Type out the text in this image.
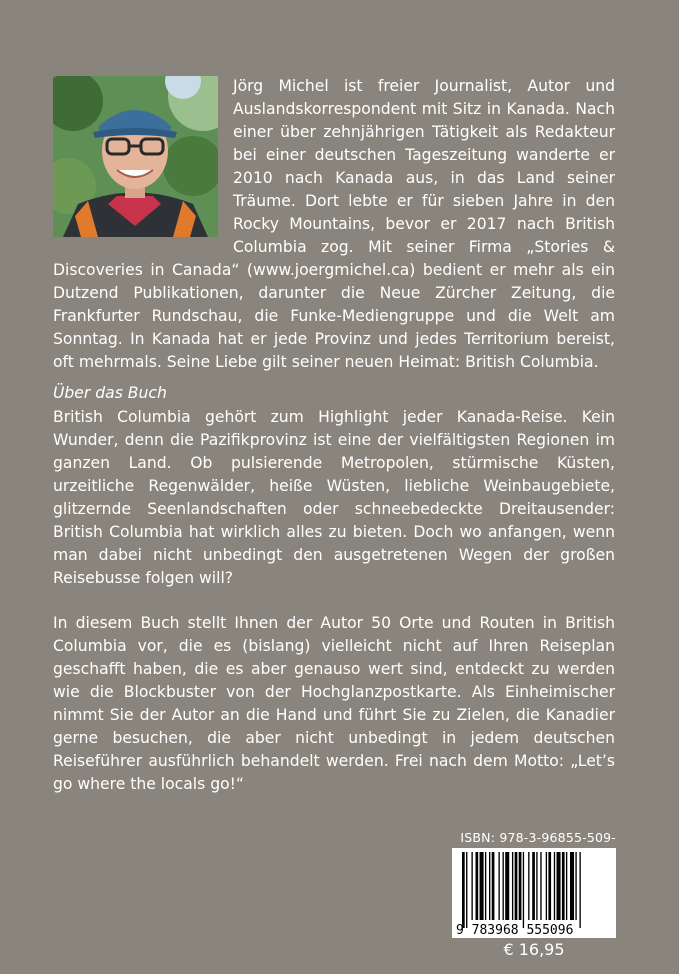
Jörg Michel ist freier Journalist, Autor und Auslandskorrespondent mit Sitz in Kanada. Nach einer über zehnjährigen Tätigkeit als Redakteur bei einer deutschen Tageszeitung wanderte er 2010 nach Kanada aus, in das Land seiner Träume. Dort lebte er für sieben Jahre in den Rocky Mountains, bevor er 2017 nach British Columbia zog. Mit seiner Firma „Stories & Discoveries in Canada“ (www.joergmichel.ca) bedient er mehr als ein Dutzend Publikationen, darunter die Neue Zürcher Zeitung, die Frankfurter Rundschau, die Funke-Mediengruppe und die Welt am Sonntag. In Kanada hat er jede Provinz und jedes Territorium bereist, oft mehrmals. Seine Liebe gilt seiner neuen Heimat: British Columbia.
Über das Buch
British Columbia gehört zum Highlight jeder Kanada-Reise. Kein Wunder, denn die Pazifikprovinz ist eine der vielfältigsten Regionen im ganzen Land. Ob pulsierende Metropolen, stürmische Küsten, urzeitliche Regenwälder, heiße Wüsten, liebliche Weinbaugebiete, glitzernde Seenlandschaften oder schneebedeckte Dreitausender: British Columbia hat wirklich alles zu bieten. Doch wo anfangen, wenn man dabei nicht unbedingt den ausgetretenen Wegen der großen Reisebusse folgen will?
In diesem Buch stellt Ihnen der Autor 50 Orte und Routen in British Columbia vor, die es (bislang) vielleicht nicht auf Ihren Reiseplan geschafft haben, die es aber genauso wert sind, entdeckt zu werden wie die Blockbuster von der Hochglanzpostkarte. Als Einheimischer nimmt Sie der Autor an die Hand und führt Sie zu Zielen, die Kanadier gerne besuchen, die aber nicht unbedingt in jedem deutschen Reiseführer ausführlich behandelt werden. Frei nach dem Motto: „Let’s go where the locals go!“
ISBN: 978-3-96855-509-
9 783968 555096
€ 16,95
